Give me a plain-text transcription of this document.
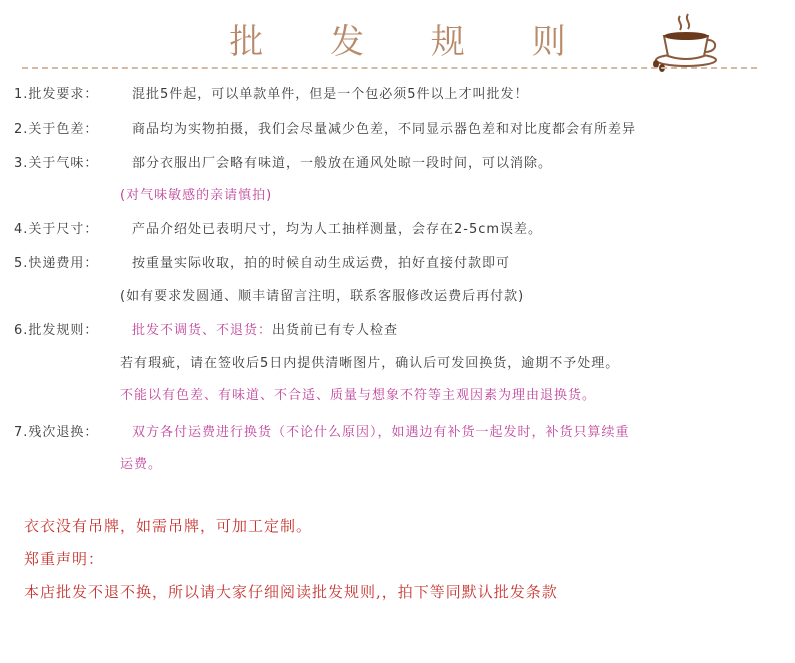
批 发 规 则
1.批发要求：	混批5件起，可以单款单件，但是一个包必须5件以上才叫批发！
2.关于色差：	商品均为实物拍摄，我们会尽量减少色差，不同显示器色差和对比度都会有所差异
3.关于气味：	部分衣服出厂会略有味道，一般放在通风处晾一段时间，可以消除。
(对气味敏感的亲请慎拍)
4.关于尺寸：	产品介绍处已表明尺寸，均为人工抽样测量，会存在2-5cm误差。
5.快递费用：	按重量实际收取，拍的时候自动生成运费，拍好直接付款即可
(如有要求发圆通、顺丰请留言注明，联系客服修改运费后再付款)
6.批发规则：	批发不调货、不退货：出货前已有专人检查
若有瑕疵，请在签收后5日内提供清晰图片，确认后可发回换货，逾期不予处理。
不能以有色差、有味道、不合适、质量与想象不符等主观因素为理由退换货。
7.残次退换：	双方各付运费进行换货（不论什么原因），如遇边有补货一起发时，补货只算续重
运费。
衣衣没有吊牌，如需吊牌，可加工定制。
郑重声明：
本店批发不退不换，所以请大家仔细阅读批发规则,，拍下等同默认批发条款
